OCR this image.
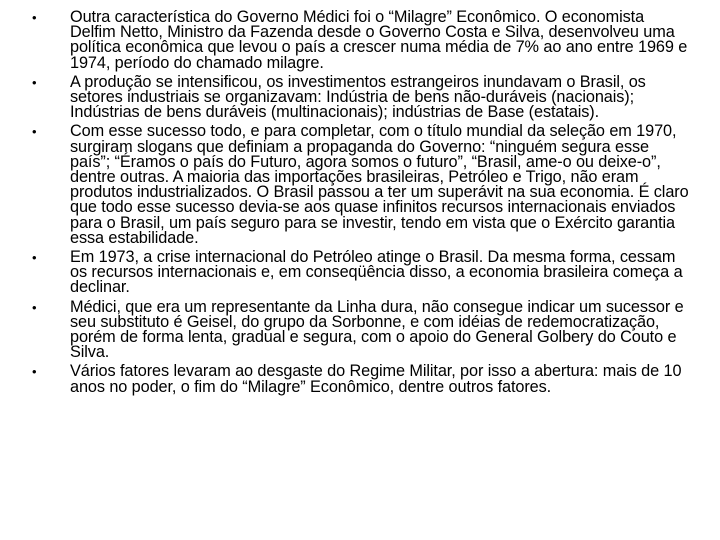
•	Outra característica do Governo Médici foi o “Milagre” Econômico. O economista Delfim Netto, Ministro da Fazenda desde o Governo Costa e Silva, desenvolveu uma política econômica que levou o país a crescer numa média de 7% ao ano entre 1969 e 1974, período do chamado milagre.
•	A produção se intensificou, os investimentos estrangeiros inundavam o Brasil, os setores industriais se organizavam: Indústria de bens não-duráveis (nacionais); Indústrias de bens duráveis (multinacionais); indústrias de Base (estatais).
•	Com esse sucesso todo, e para completar, com o título mundial da seleção em 1970, surgiram slogans que definiam a propaganda do Governo: “ninguém segura esse país”; “Éramos o país do Futuro, agora somos o futuro”, “Brasil, ame-o ou deixe-o”, dentre outras. A maioria das importações brasileiras, Petróleo e Trigo, não eram produtos industrializados. O Brasil passou a ter um superávit na sua economia. É claro que todo esse sucesso devia-se aos quase infinitos recursos internacionais enviados para o Brasil, um país seguro para se investir, tendo em vista que o Exército garantia essa estabilidade.
•	Em 1973, a crise internacional do Petróleo atinge o Brasil. Da mesma forma, cessam os recursos internacionais e, em conseqüência disso, a economia brasileira começa a declinar.
•	Médici, que era um representante da Linha dura, não consegue indicar um sucessor e seu substituto é Geisel, do grupo da Sorbonne, e com idéias de redemocratização, porém de forma lenta, gradual e segura, com o apoio do General Golbery do Couto e Silva.
•	Vários fatores levaram ao desgaste do Regime Militar, por isso a abertura: mais de 10 anos no poder, o fim do “Milagre” Econômico, dentre outros fatores.
